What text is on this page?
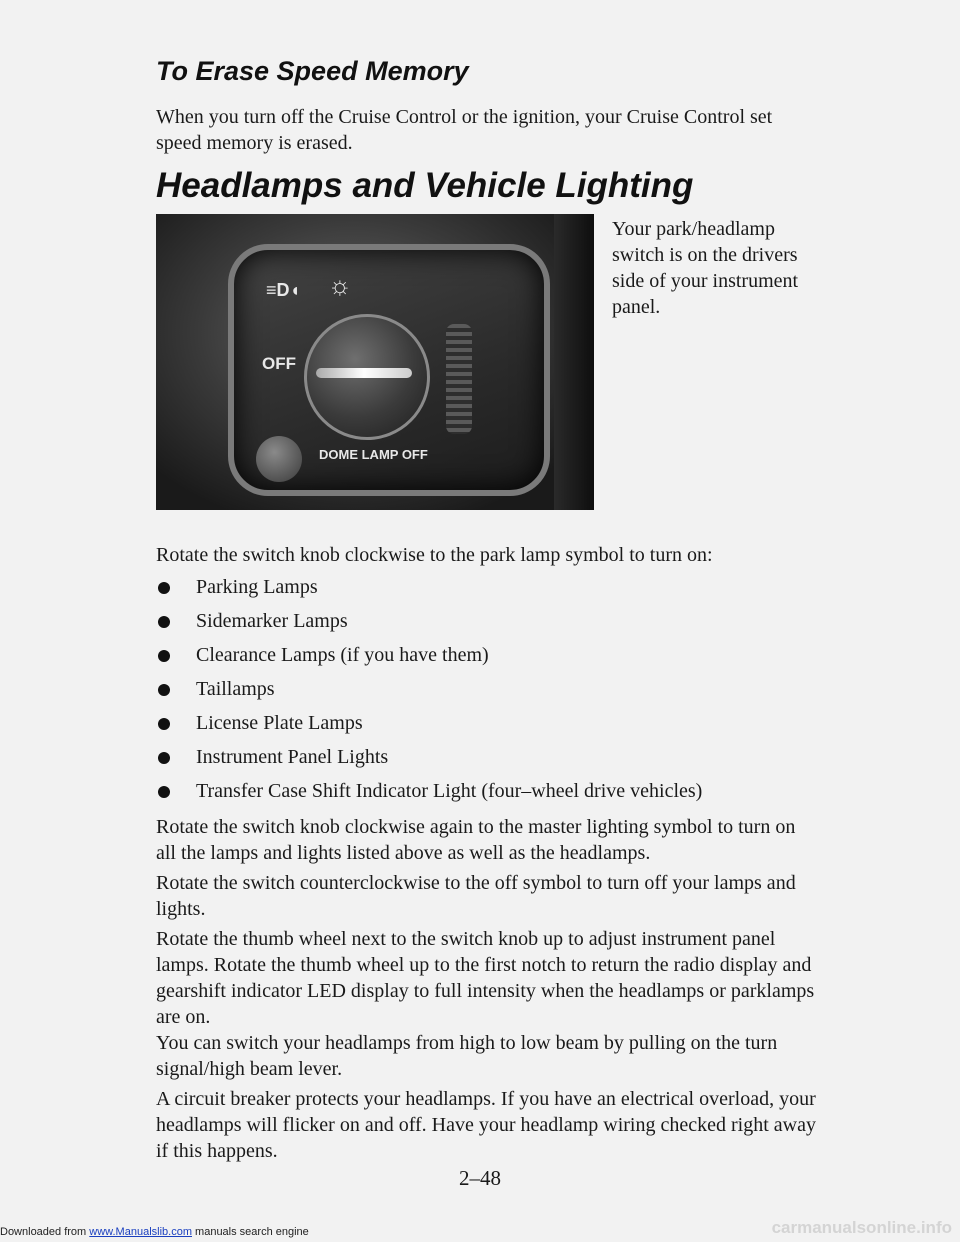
To Erase Speed Memory

When you turn off the Cruise Control or the ignition, your Cruise Control set speed memory is erased.

Headlamps and Vehicle Lighting
≡D◖ ☼
OFF
DOME LAMP OFF

Your park/headlamp switch is on the drivers side of your instrument panel.

Rotate the switch knob clockwise to the park lamp symbol to turn on:

Parking Lamps
Sidemarker Lamps
Clearance Lamps (if you have them)
Taillamps
License Plate Lamps
Instrument Panel Lights
Transfer Case Shift Indicator Light (four–wheel drive vehicles)

Rotate the switch knob clockwise again to the master lighting symbol to turn on all the lamps and lights listed above as well as the headlamps.

Rotate the switch counterclockwise to the off symbol to turn off your lamps and lights.

Rotate the thumb wheel next to the switch knob up to adjust instrument panel lamps. Rotate the thumb wheel up to the first notch to return the radio display and gearshift indicator LED display to full intensity when the headlamps or parklamps are on.

You can switch your headlamps from high to low beam by pulling on the turn signal/high beam lever.

A circuit breaker protects your headlamps. If you have an electrical overload, your headlamps will flicker on and off. Have your headlamp wiring checked right away if this happens.

2–48
Downloaded from www.Manualslib.com manuals search engine	carmanualsonline.info
